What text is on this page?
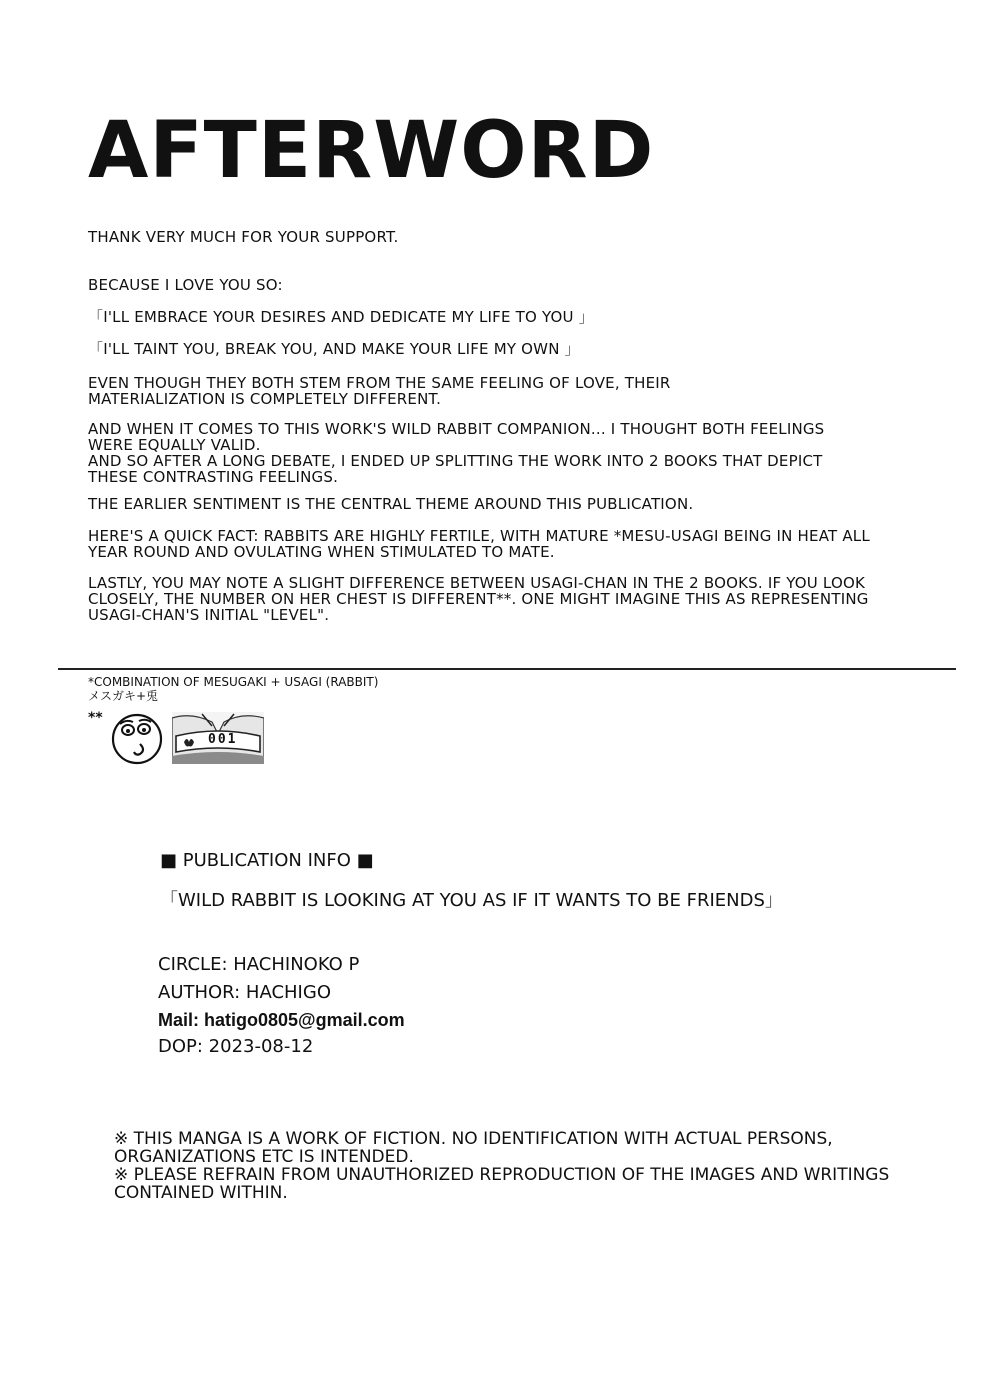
AFTERWORD
THANK VERY MUCH FOR YOUR SUPPORT.
BECAUSE I LOVE YOU SO:
「I'LL EMBRACE YOUR DESIRES AND DEDICATE MY LIFE TO YOU 」
「I'LL TAINT YOU, BREAK YOU, AND MAKE YOUR LIFE MY OWN 」
EVEN THOUGH THEY BOTH STEM FROM THE SAME FEELING OF LOVE, THEIR MATERIALIZATION IS COMPLETELY DIFFERENT.
AND WHEN IT COMES TO THIS WORK'S WILD RABBIT COMPANION... I THOUGHT BOTH FEELINGS WERE EQUALLY VALID.
AND SO AFTER A LONG DEBATE, I ENDED UP SPLITTING THE WORK INTO 2 BOOKS THAT DEPICT THESE CONTRASTING FEELINGS.
THE EARLIER SENTIMENT IS THE CENTRAL THEME AROUND THIS PUBLICATION.
HERE'S A QUICK FACT: RABBITS ARE HIGHLY FERTILE, WITH MATURE *MESU-USAGI BEING IN HEAT ALL YEAR ROUND AND OVULATING WHEN STIMULATED TO MATE.
LASTLY, YOU MAY NOTE A SLIGHT DIFFERENCE BETWEEN USAGI-CHAN IN THE 2 BOOKS. IF YOU LOOK CLOSELY, THE NUMBER ON HER CHEST IS DIFFERENT**. ONE MIGHT IMAGINE THIS AS REPRESENTING USAGI-CHAN'S INITIAL "LEVEL".
*COMBINATION OF MESUGAKI + USAGI (RABBIT)
メスガキ+兎
**
001
■ PUBLICATION INFO ■
「WILD RABBIT IS LOOKING AT YOU AS IF IT WANTS TO BE FRIENDS」
CIRCLE: HACHINOKO P
AUTHOR: HACHIGO
Mail: hatigo0805@gmail.com
DOP: 2023-08-12
※ THIS MANGA IS A WORK OF FICTION. NO IDENTIFICATION WITH ACTUAL PERSONS, ORGANIZATIONS ETC IS INTENDED.
※ PLEASE REFRAIN FROM UNAUTHORIZED REPRODUCTION OF THE IMAGES AND WRITINGS CONTAINED WITHIN.
